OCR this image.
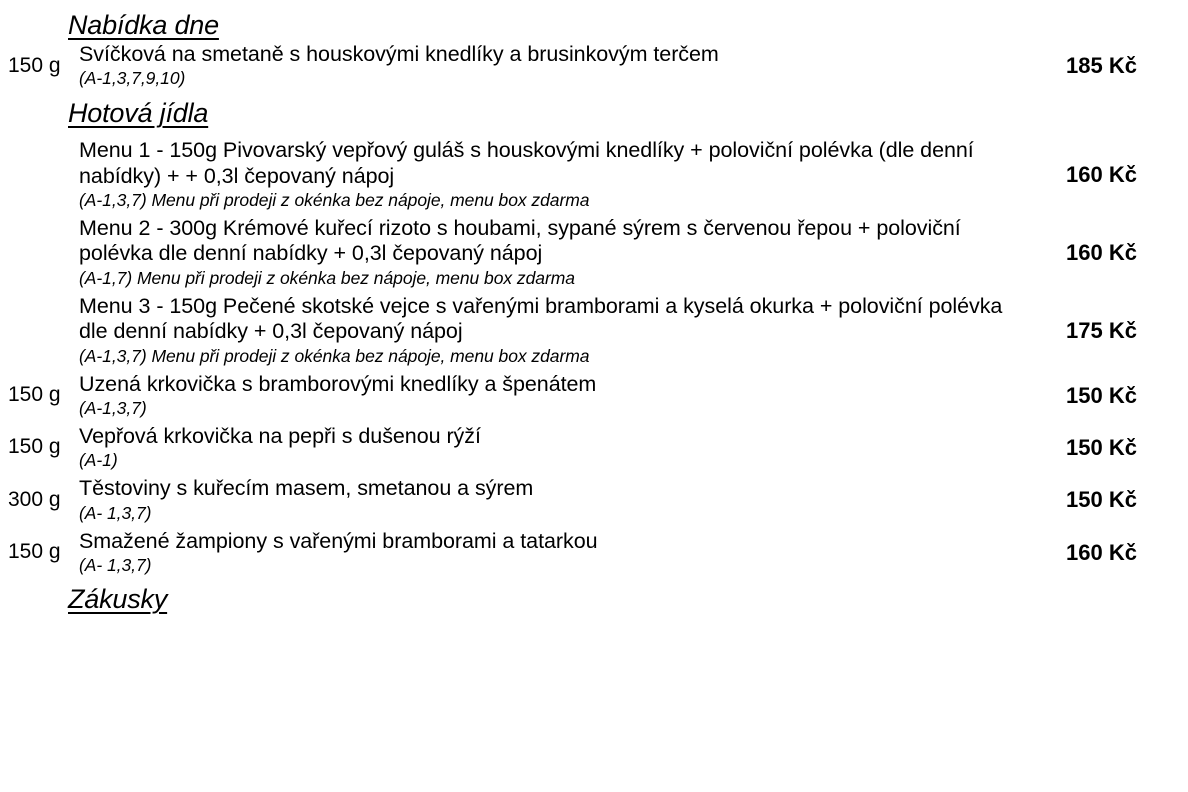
Nabídka dne
150 g Svíčková na smetaně s houskovými knedlíky a brusinkovým terčem
(A-1,3,7,9,10)
185 Kč
Hotová jídla
Menu 1 - 150g Pivovarský vepřový guláš s houskovými knedlíky + poloviční polévka (dle denní nabídky) + + 0,3l čepovaný nápoj
(A-1,3,7) Menu při prodeji z okénka bez nápoje, menu box zdarma
160 Kč
Menu 2 - 300g Krémové kuřecí rizoto s houbami, sypané sýrem s červenou řepou + poloviční polévka dle denní nabídky + 0,3l čepovaný nápoj
(A-1,7) Menu při prodeji z okénka bez nápoje, menu box zdarma
160 Kč
Menu 3 - 150g Pečené skotské vejce s vařenými bramborami a kyselá okurka + poloviční polévka dle denní nabídky + 0,3l čepovaný nápoj
(A-1,3,7) Menu při prodeji z okénka bez nápoje, menu box zdarma
175 Kč
150 g Uzená krkovička s bramborovými knedlíky a špenátem
(A-1,3,7)
150 Kč
150 g Vepřová krkovička na pepři s dušenou rýží
(A-1)
150 Kč
300 g Těstoviny s kuřecím masem, smetanou a sýrem
(A- 1,3,7)
150 Kč
150 g Smažené žampiony s vařenými bramborami a tatarkou
(A- 1,3,7)
160 Kč
Zákusky
